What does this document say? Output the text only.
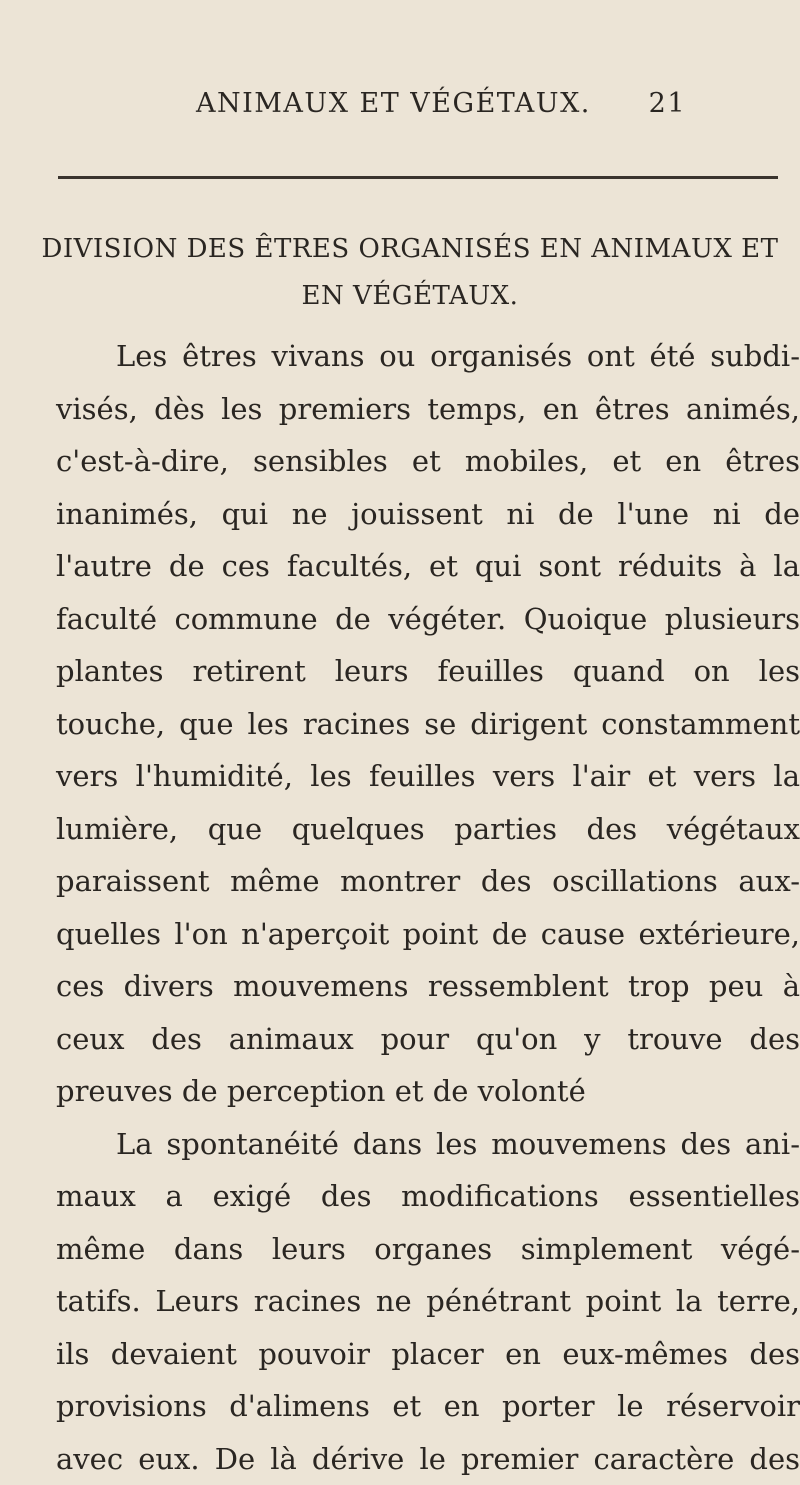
ANIMAUX ET VÉGÉTAUX. 21
DIVISION DES ÊTRES ORGANISÉS EN ANIMAUX ET
EN VÉGÉTAUX.
Les êtres vivans ou organisés ont été subdi-
visés, dès les premiers temps, en êtres animés,
c'est-à-dire, sensibles et mobiles, et en êtres
inanimés, qui ne jouissent ni de l'une ni de
l'autre de ces facultés, et qui sont réduits à la
faculté commune de végéter. Quoique plusieurs
plantes retirent leurs feuilles quand on les
touche, que les racines se dirigent constamment
vers l'humidité, les feuilles vers l'air et vers la
lumière, que quelques parties des végétaux
paraissent même montrer des oscillations aux-
quelles l'on n'aperçoit point de cause extérieure,
ces divers mouvemens ressemblent trop peu à
ceux des animaux pour qu'on y trouve des
preuves de perception et de volonté
La spontanéité dans les mouvemens des ani-
maux a exigé des modifications essentielles
même dans leurs organes simplement végé-
tatifs. Leurs racines ne pénétrant point la terre,
ils devaient pouvoir placer en eux-mêmes des
provisions d'alimens et en porter le réservoir
avec eux. De là dérive le premier caractère des
